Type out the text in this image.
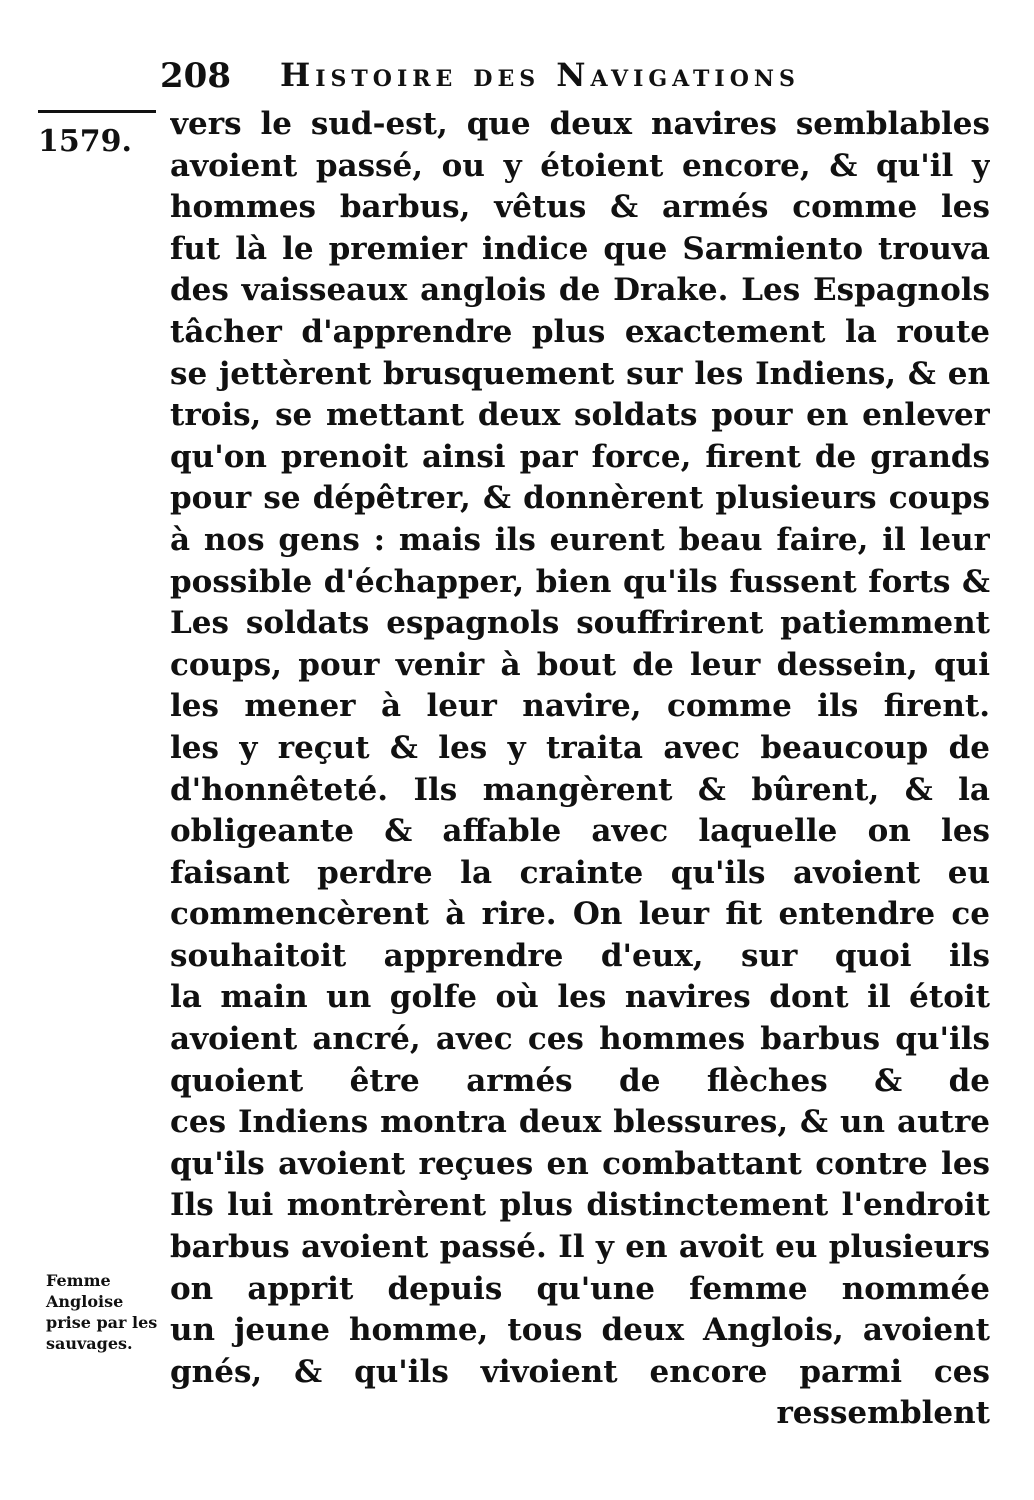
208 Histoire des Navigations
1579. vers le sud-est, que deux navires semblables
avoient passé, ou y étoient encore, & qu'il y
hommes barbus, vêtus & armés comme les
fut là le premier indice que Sarmiento trouva
des vaisseaux anglois de Drake. Les Espagnols
tâcher d'apprendre plus exactement la route
se jettèrent brusquement sur les Indiens, & en
trois, se mettant deux soldats pour en enlever
qu'on prenoit ainsi par force, firent de grands
pour se dépêtrer, & donnèrent plusieurs coups
à nos gens : mais ils eurent beau faire, il leur
possible d'échapper, bien qu'ils fussent forts &
Les soldats espagnols souffrirent patiemment
coups, pour venir à bout de leur dessein, qui
les mener à leur navire, comme ils firent.
les y reçut & les y traita avec beaucoup de
d'honnêteté. Ils mangèrent & bûrent, & la
obligeante & affable avec laquelle on les
faisant perdre la crainte qu'ils avoient eu
commencèrent à rire. On leur fit entendre ce
souhaitoit apprendre d'eux, sur quoi ils
la main un golfe où les navires dont il étoit
avoient ancré, avec ces hommes barbus qu'ils
quoient être armés de flèches & de
ces Indiens montra deux blessures, & un autre
qu'ils avoient reçues en combattant contre les
Ils lui montrèrent plus distinctement l'endroit
barbus avoient passé. Il y en avoit eu plusieurs
on apprit depuis qu'une femme nommée
un jeune homme, tous deux Anglois, avoient
gnés, & qu'ils vivoient encore parmi ces
ressemblent
Femme
Angloise
prise par les
sauvages.
